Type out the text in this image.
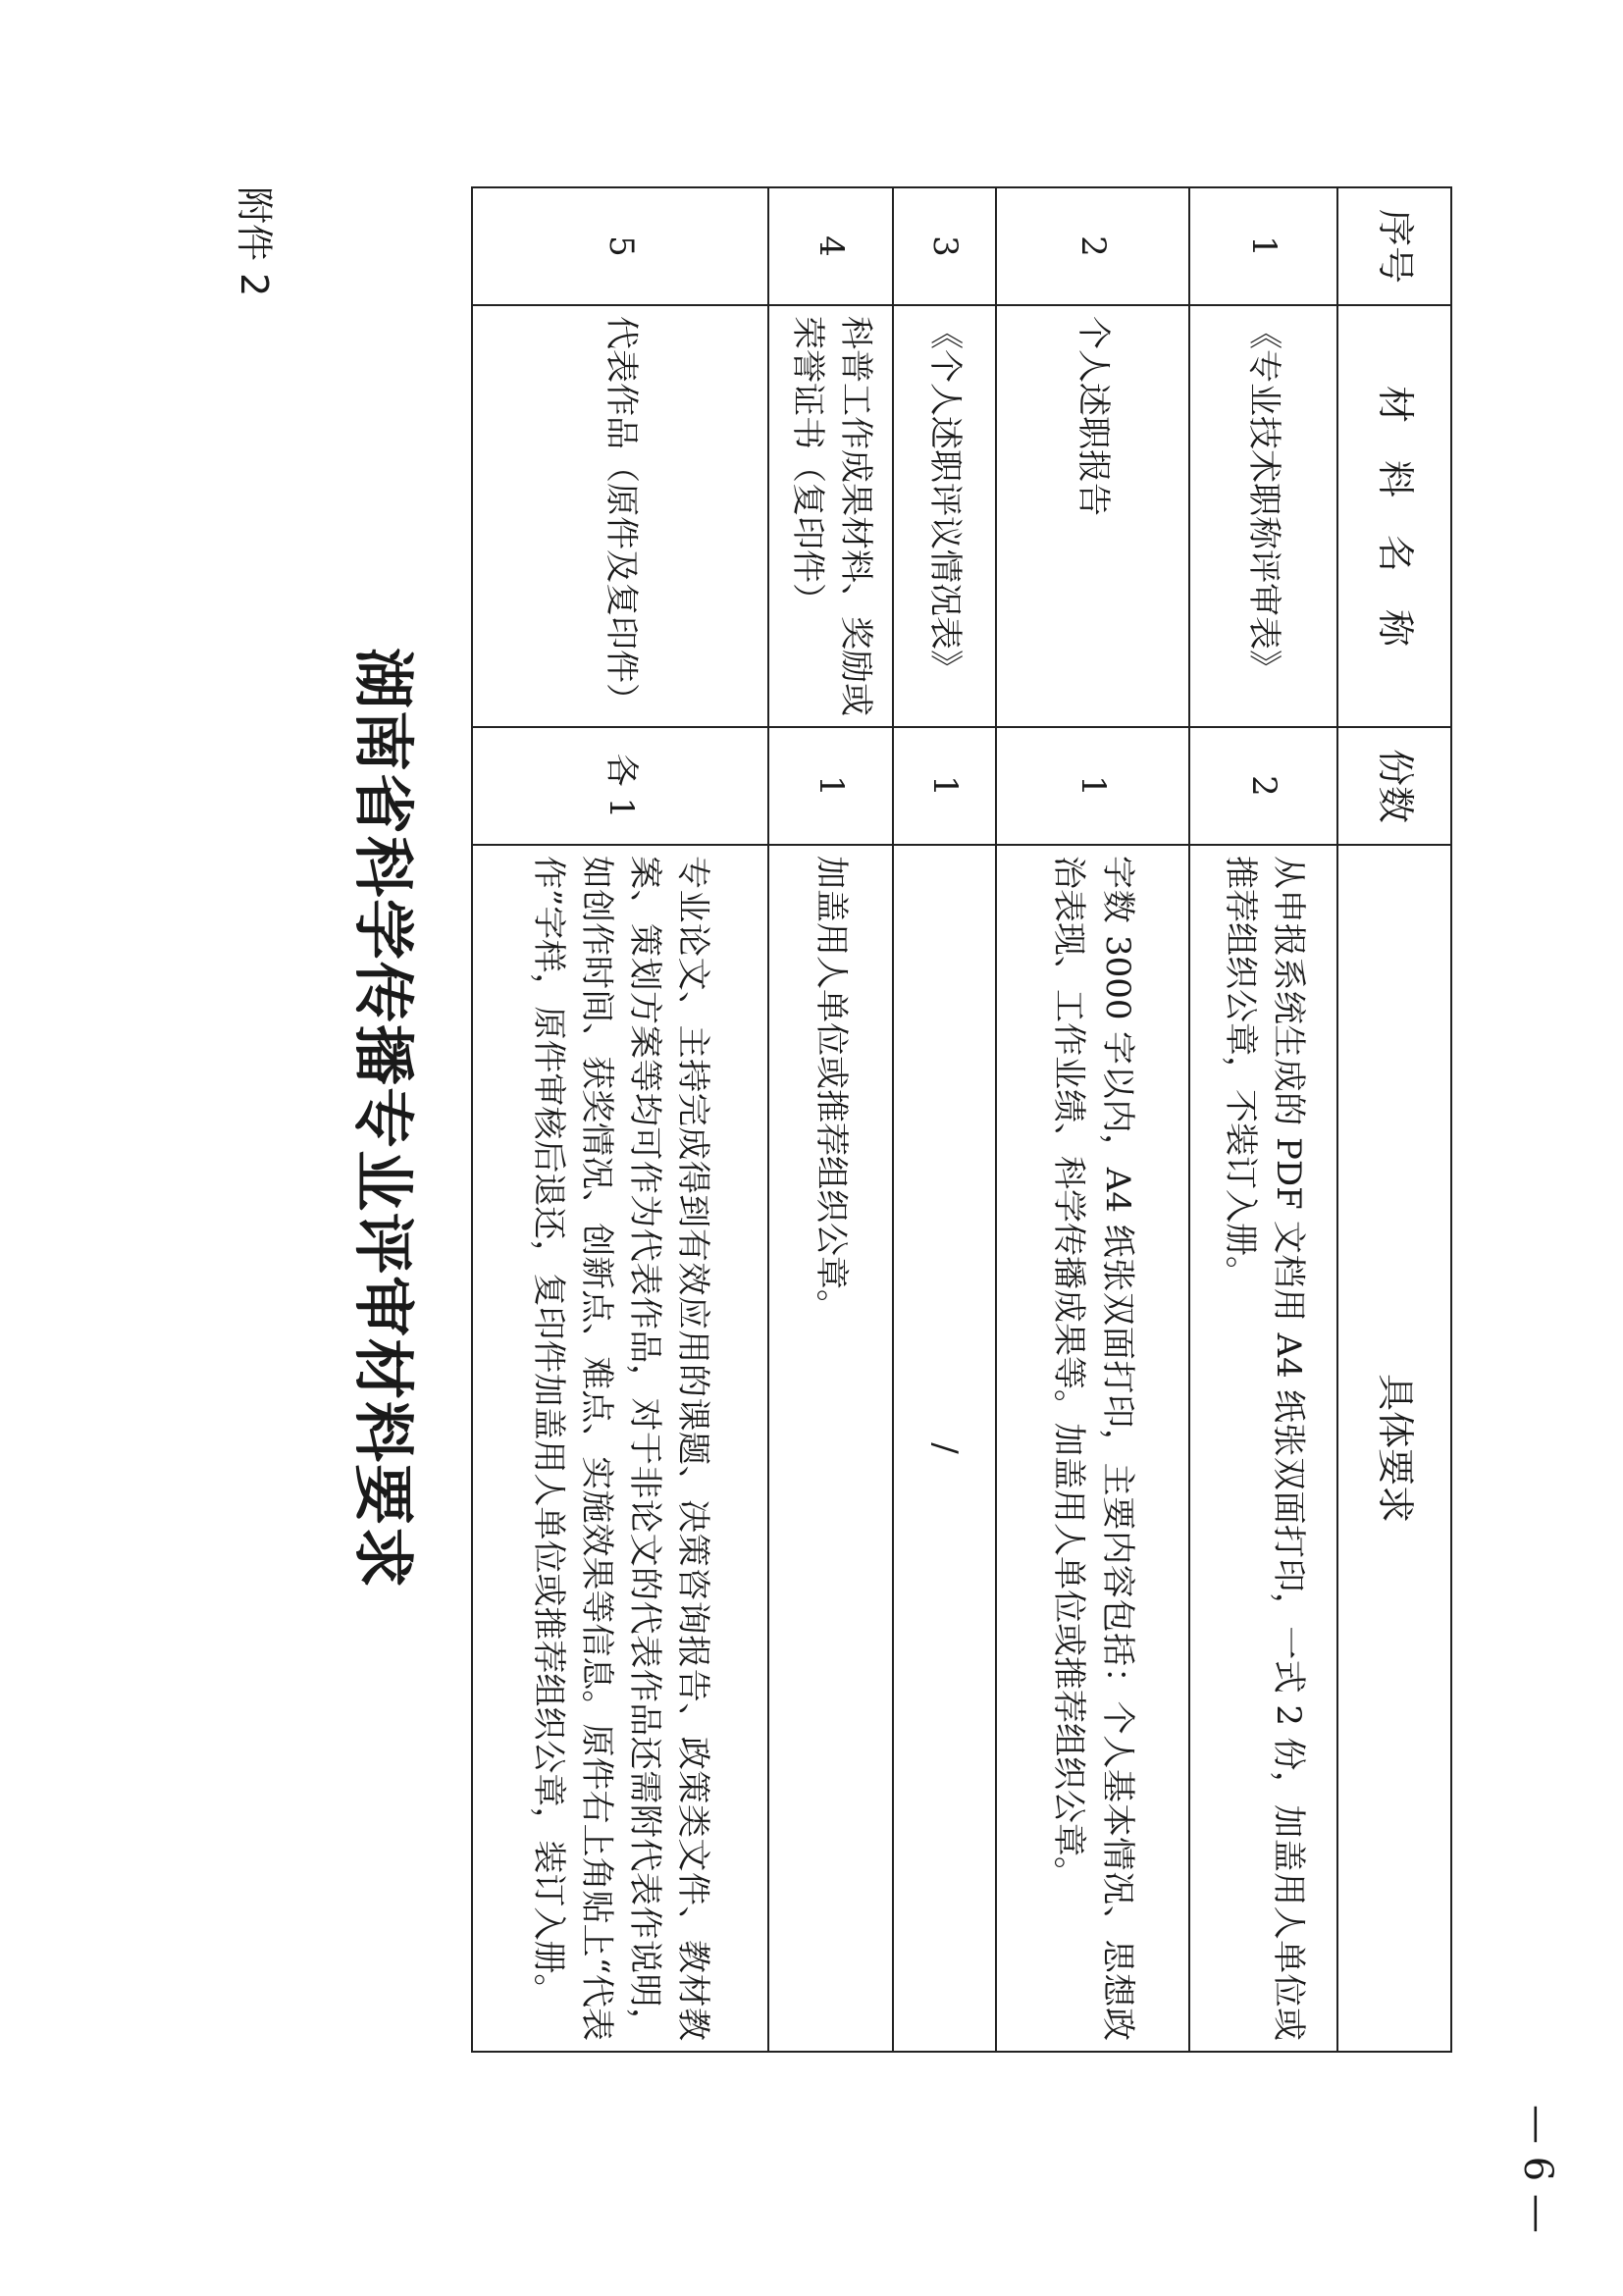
附件 2	序号	材　料　名　称	份数	具体要求
1	《专业技术职称评审表》	2	从申报系统生成的 PDF 文档用 A4 纸张双面打印，一式 2 份，加盖用人单位或推荐组织公章，不装订入册。
2	个人述职报告	1	字数 3000 字以内，A4 纸张双面打印，主要内容包括：个人基本情况、思想政治表现、工作业绩、科学传播成果等。加盖用人单位或推荐组织公章。
3	《个人述职评议情况表》	1	/
4	科普工作成果材料、奖励或荣誉证书（复印件）	1	加盖用人单位或推荐组织公章。
5	代表作品（原件及复印件）	各 1	专业论文、主持完成得到有效应用的课题、决策咨询报告、政策类文件、教材教案、策划方案等均可作为代表作品，对于非论文的代表作品还需附代表作说明，如创作时间、获奖情况、创新点、难点、实施效果等信息。原件右上角贴上“代表作”字样，原件审核后退还，复印件加盖用人单位或推荐组织公章，装订入册。
湖南省科学传播专业评审材料要求
— 6 —
